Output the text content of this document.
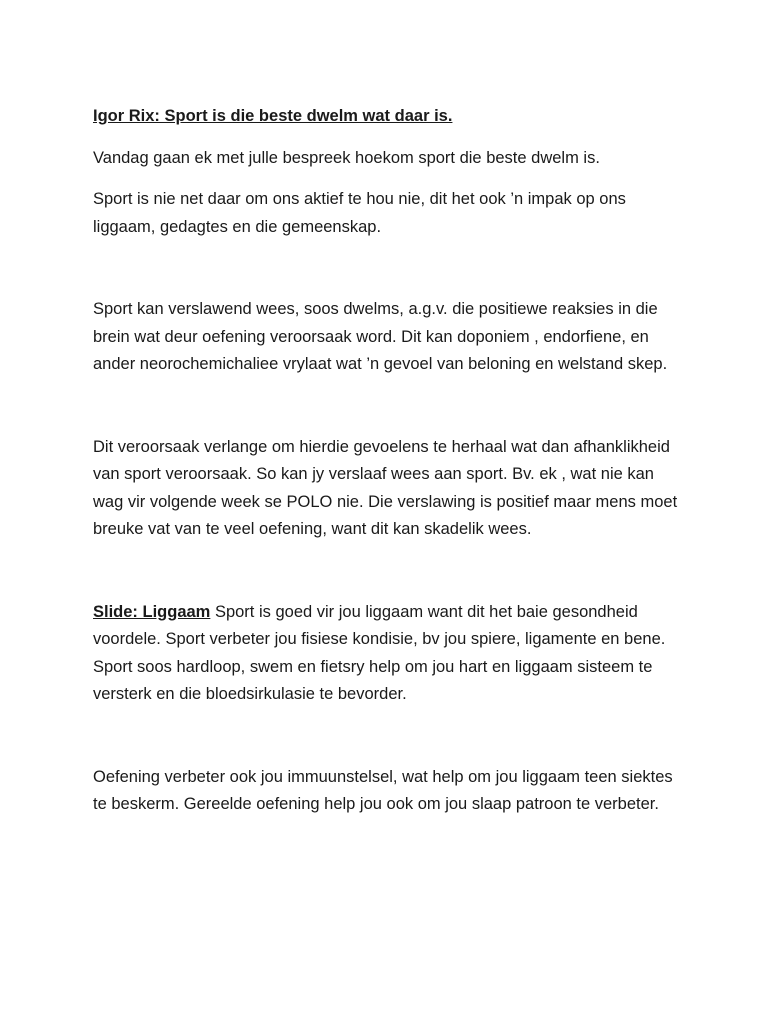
Igor Rix: Sport is die beste dwelm wat daar is.

Vandag gaan ek met julle bespreek hoekom sport die beste dwelm is.

Sport is nie net daar om ons aktief te hou nie, dit het ook ’n impak op ons liggaam, gedagtes en die gemeenskap.

Sport kan verslawend wees, soos dwelms, a.g.v. die positiewe reaksies in die brein wat deur oefening veroorsaak word. Dit kan doponiem , endorfiene, en ander neorochemichaliee vrylaat wat ’n gevoel van beloning en welstand skep.

Dit veroorsaak verlange om hierdie gevoelens te herhaal wat dan afhanklikheid van sport veroorsaak. So kan jy verslaaf wees aan sport. Bv. ek , wat nie kan wag vir volgende week se POLO nie. Die verslawing is positief maar mens moet breuke vat van te veel oefening, want dit kan skadelik wees.

Slide: Liggaam Sport is goed vir jou liggaam want dit het baie gesondheid voordele. Sport verbeter jou fisiese kondisie, bv jou spiere, ligamente en bene. Sport soos hardloop, swem en fietsry help om jou hart en liggaam sisteem te versterk en die bloedsirkulasie te bevorder.

Oefening verbeter ook jou immuunstelsel, wat help om jou liggaam teen siektes te beskerm. Gereelde oefening help jou ook om jou slaap patroon te verbeter.
